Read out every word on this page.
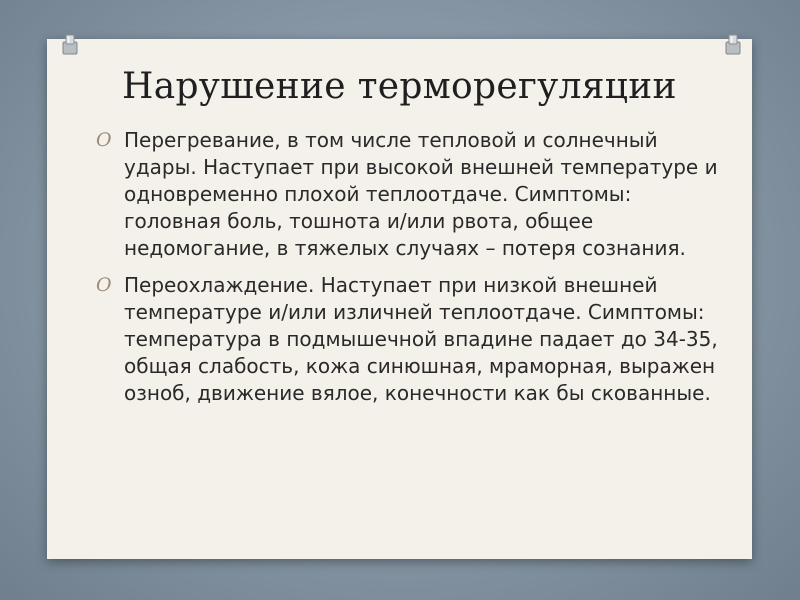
Нарушение терморегуляции
O Перегревание, в том числе тепловой и солнечный удары. Наступает при высокой внешней температуре и одновременно плохой теплоотдаче. Симптомы: головная боль, тошнота и/или рвота, общее недомогание, в тяжелых случаях – потеря сознания.
O Переохлаждение. Наступает при низкой внешней температуре и/или изличней теплоотдаче. Симптомы: температура в подмышечной впадине падает до 34-35, общая слабость, кожа синюшная, мраморная, выражен озноб, движение вялое, конечности как бы скованные.
